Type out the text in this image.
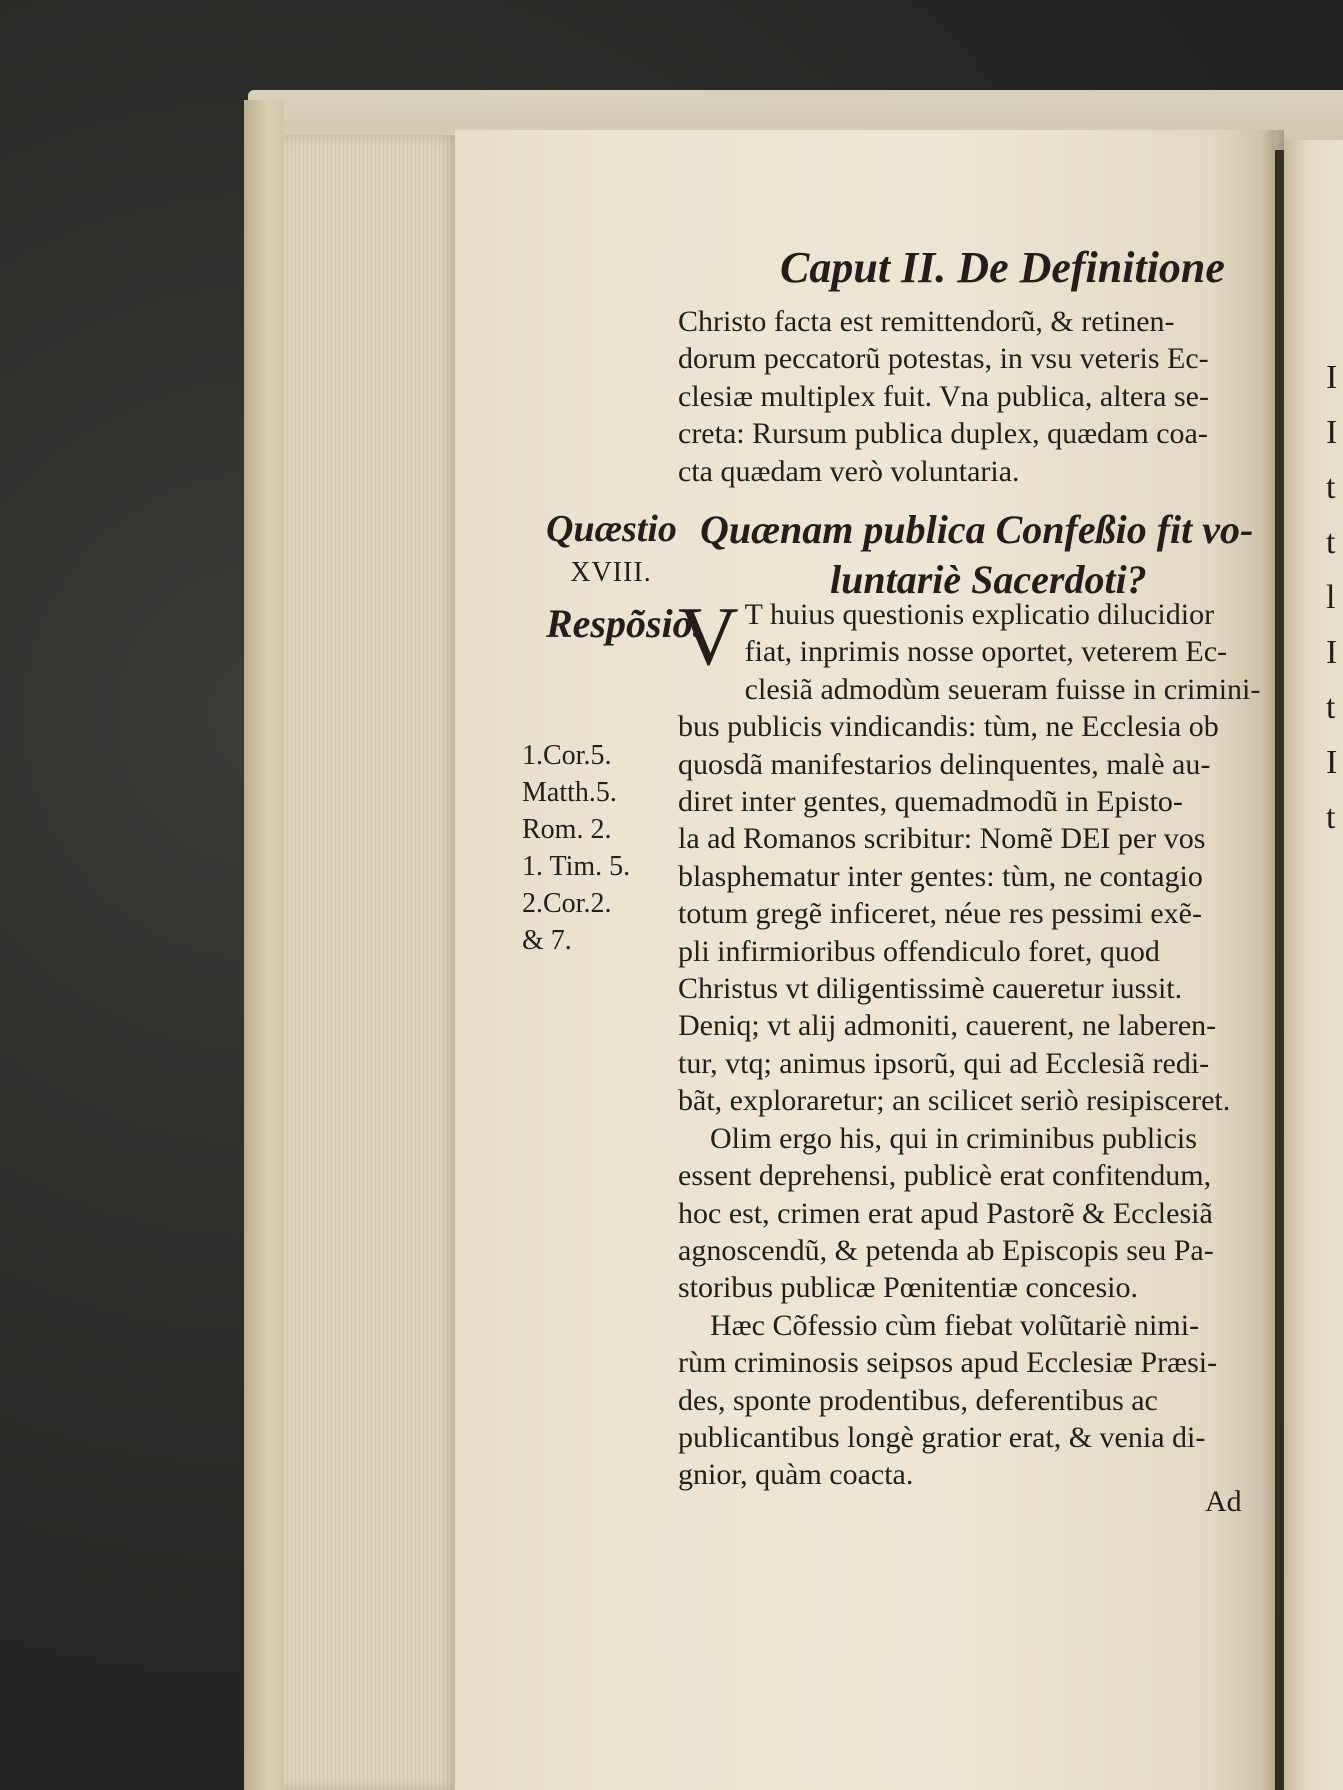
I
I
t
t
l
I
t
I
t
Caput II. De Definitione
Christo facta est remittendorũ, & retinen-
dorum peccatorũ potestas, in vsu veteris Ec-
clesiæ multiplex fuit. Vna publica, altera se-
creta: Rursum publica duplex, quædam coa-
cta quædam verò voluntaria.
Quæstio
XVIII.
Quænam publica Confeßio fit vo-
luntariè Sacerdoti?
Respõsio.
1.Cor.5.
Matth.5.
Rom. 2.
1. Tim. 5.
2.Cor.2.
& 7.
V T huius questionis explicatio dilucidior
fiat, inprimis nosse oportet, veterem Ec-
clesiã admodùm seueram fuisse in crimini-
bus publicis vindicandis: tùm, ne Ecclesia ob
quosdã manifestarios delinquentes, malè au-
diret inter gentes, quemadmodũ in Episto-
la ad Romanos scribitur: Nomẽ DEI per vos
blasphematur inter gentes: tùm, ne contagio
totum gregẽ inficeret, néue res pessimi exẽ-
pli infirmioribus offendiculo foret, quod
Christus vt diligentissimè caueretur iussit.
Deniq; vt alij admoniti, cauerent, ne laberen-
tur, vtq; animus ipsorũ, qui ad Ecclesiã redi-
bãt, exploraretur; an scilicet seriò resipisceret.
Olim ergo his, qui in criminibus publicis
essent deprehensi, publicè erat confitendum,
hoc est, crimen erat apud Pastorẽ & Ecclesiã
agnoscendũ, & petenda ab Episcopis seu Pa-
storibus publicæ Pœnitentiæ concesio.
Hæc Cõfessio cùm fiebat volũtariè nimi-
rùm criminosis seipsos apud Ecclesiæ Præsi-
des, sponte prodentibus, deferentibus ac
publicantibus longè gratior erat, & venia di-
gnior, quàm coacta.
Ad
